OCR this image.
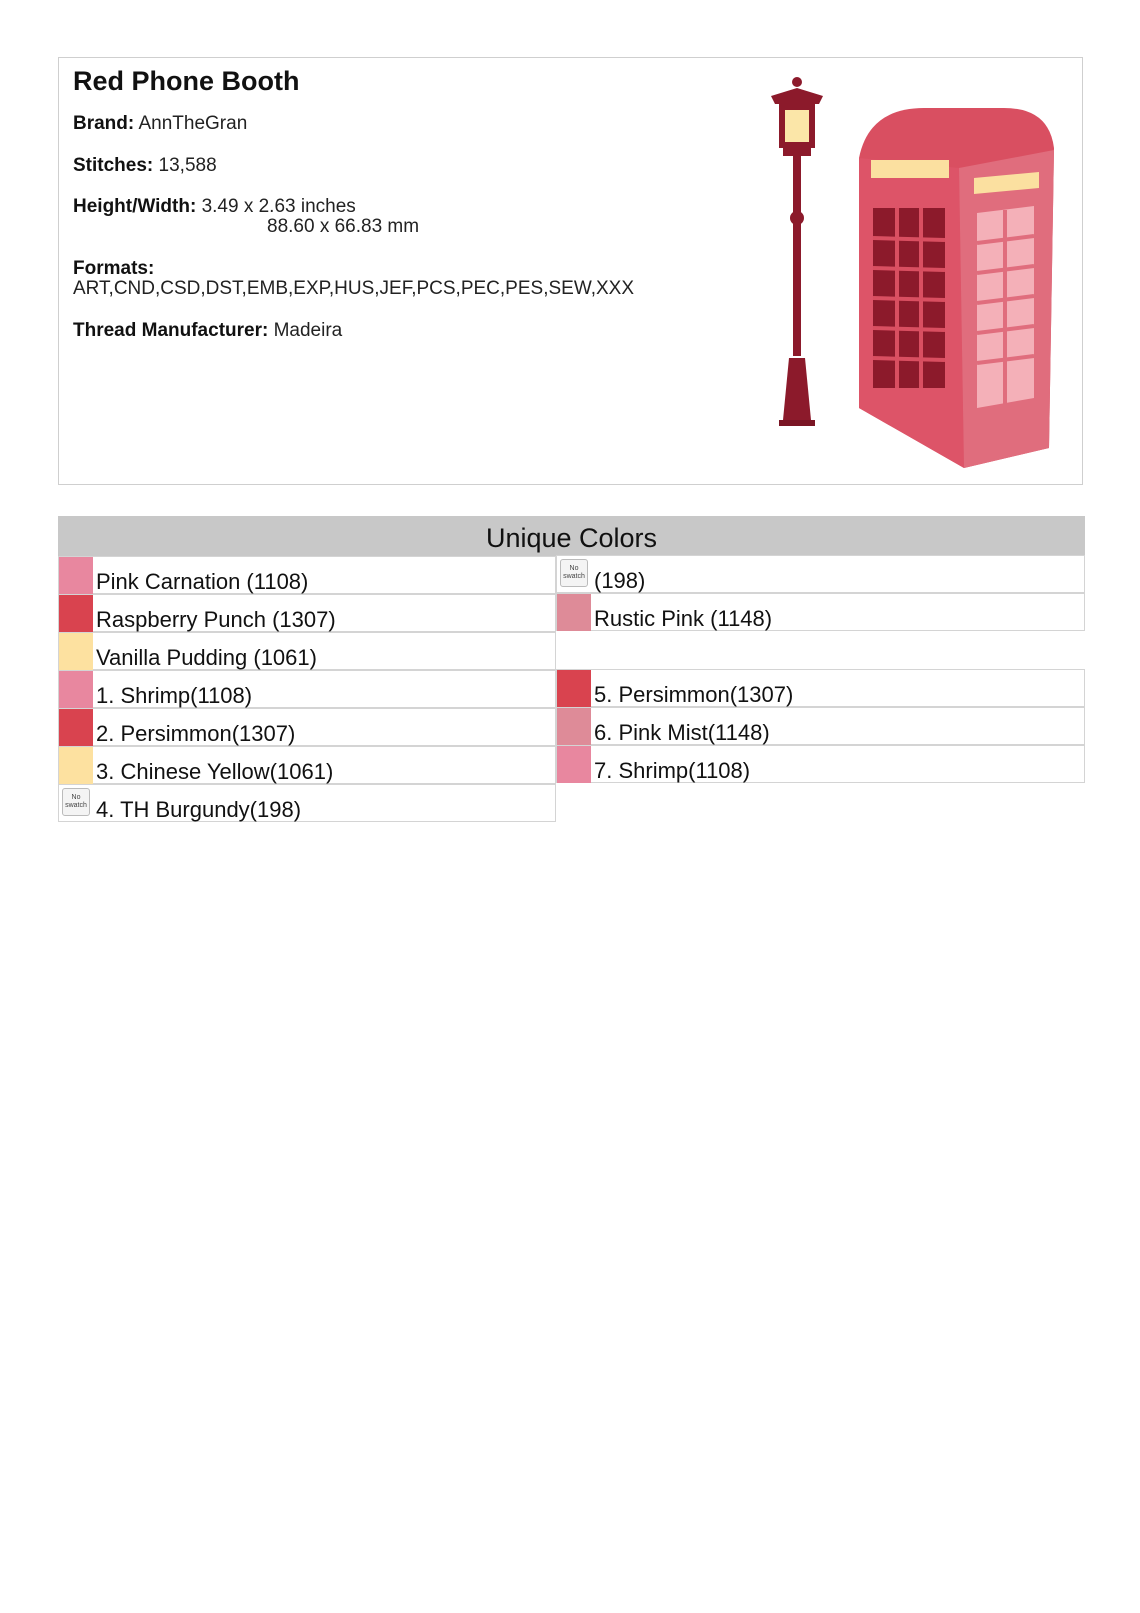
Red Phone Booth
Brand: AnnTheGran
Stitches: 13,588
Height/Width: 3.49 x 2.63 inches
88.60 x 66.83 mm
Formats:
ART,CND,CSD,DST,EMB,EXP,HUS,JEF,PCS,PEC,PES,SEW,XXX
Thread Manufacturer: Madeira
Unique Colors
Pink Carnation (1108)
Raspberry Punch (1307)
Vanilla Pudding (1061)
1. Shrimp(1108)
2. Persimmon(1307)
3. Chinese Yellow(1061)
No swatch 4. TH Burgundy(198)
No swatch (198)
Rustic Pink (1148)
5. Persimmon(1307)
6. Pink Mist(1148)
7. Shrimp(1108)
